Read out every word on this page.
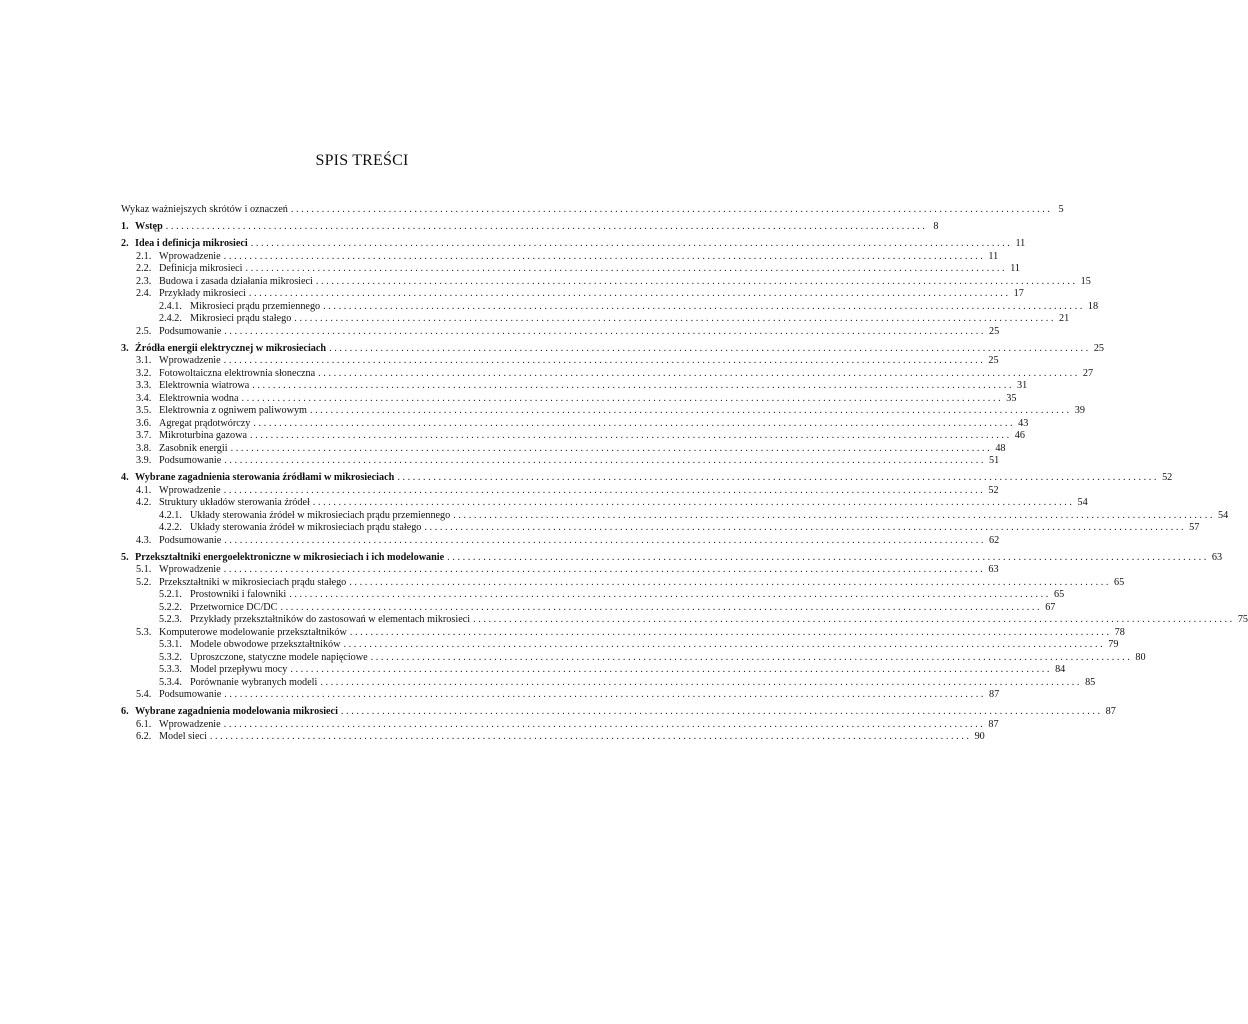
SPIS TREŚCI
Wykaz ważniejszych skrótów i oznaczeń .................................................................................................................................................... 5
1. Wstęp .................................................................................................................................................... 8
2. Idea i definicja mikrosieci .................................................................................................................................................... 11
2.1. Wprowadzenie .................................................................................................................................................... 11
2.2. Definicja mikrosieci .................................................................................................................................................... 11
2.3. Budowa i zasada działania mikrosieci .................................................................................................................................................... 15
2.4. Przykłady mikrosieci .................................................................................................................................................... 17
2.4.1. Mikrosieci prądu przemiennego .................................................................................................................................................... 18
2.4.2. Mikrosieci prądu stałego .................................................................................................................................................... 21
2.5. Podsumowanie .................................................................................................................................................... 25
3. Źródła energii elektrycznej w mikrosieciach .................................................................................................................................................... 25
3.1. Wprowadzenie .................................................................................................................................................... 25
3.2. Fotowoltaiczna elektrownia słoneczna .................................................................................................................................................... 27
3.3. Elektrownia wiatrowa .................................................................................................................................................... 31
3.4. Elektrownia wodna .................................................................................................................................................... 35
3.5. Elektrownia z ogniwem paliwowym .................................................................................................................................................... 39
3.6. Agregat prądotwórczy .................................................................................................................................................... 43
3.7. Mikroturbina gazowa .................................................................................................................................................... 46
3.8. Zasobnik energii .................................................................................................................................................... 48
3.9. Podsumowanie .................................................................................................................................................... 51
4. Wybrane zagadnienia sterowania źródłami w mikrosieciach .................................................................................................................................................... 52
4.1. Wprowadzenie .................................................................................................................................................... 52
4.2. Struktury układów sterowania źródeł .................................................................................................................................................... 54
4.2.1. Układy sterowania źródeł w mikrosieciach prądu przemiennego .................................................................................................................................................... 54
4.2.2. Układy sterowania źródeł w mikrosieciach prądu stałego .................................................................................................................................................... 57
4.3. Podsumowanie .................................................................................................................................................... 62
5. Przekształtniki energoelektroniczne w mikrosieciach i ich modelowanie .................................................................................................................................................... 63
5.1. Wprowadzenie .................................................................................................................................................... 63
5.2. Przekształtniki w mikrosieciach prądu stałego .................................................................................................................................................... 65
5.2.1. Prostowniki i falowniki .................................................................................................................................................... 65
5.2.2. Przetwornice DC/DC .................................................................................................................................................... 67
5.2.3. Przykłady przekształtników do zastosowań w elementach mikrosieci .................................................................................................................................................... 75
5.3. Komputerowe modelowanie przekształtników .................................................................................................................................................... 78
5.3.1. Modele obwodowe przekształtników .................................................................................................................................................... 79
5.3.2. Uproszczone, statyczne modele napięciowe .................................................................................................................................................... 80
5.3.3. Model przepływu mocy .................................................................................................................................................... 84
5.3.4. Porównanie wybranych modeli .................................................................................................................................................... 85
5.4. Podsumowanie .................................................................................................................................................... 87
6. Wybrane zagadnienia modelowania mikrosieci .................................................................................................................................................... 87
6.1. Wprowadzenie .................................................................................................................................................... 87
6.2. Model sieci .................................................................................................................................................... 90
